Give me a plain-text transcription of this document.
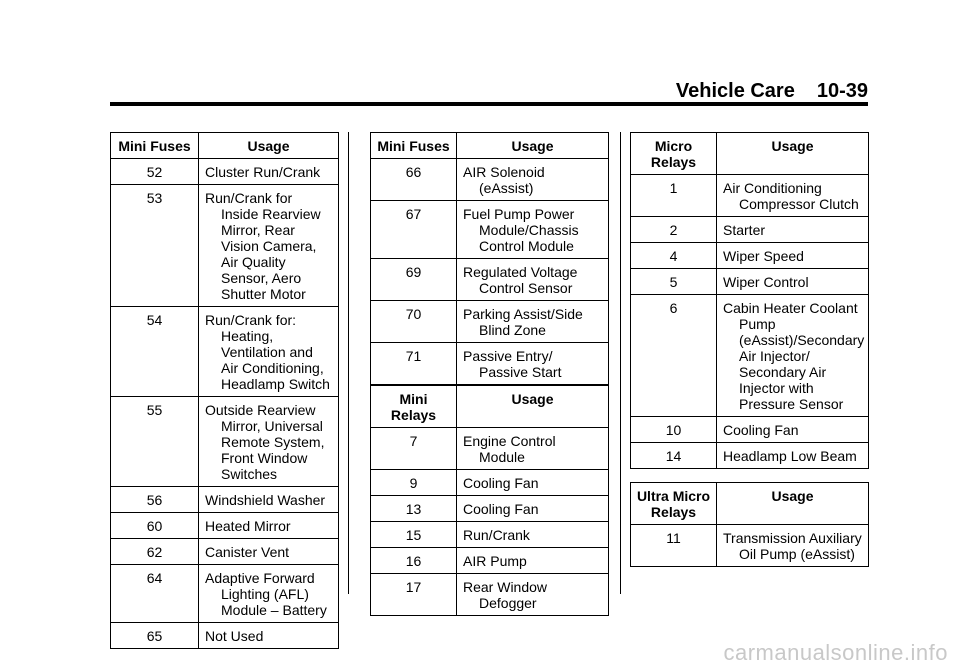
Vehicle Care 10-39
Mini Fuses	Usage
52	Cluster Run/Crank

53	Run/Crank for Inside Rearview Mirror, Rear Vision Camera, Air Quality Sensor, Aero Shutter Motor

54	Run/Crank for: Heating, Ventilation and Air Conditioning, Headlamp Switch

55	Outside Rearview Mirror, Universal Remote System, Front Window Switches

56	Windshield Washer

60	Heated Mirror

62	Canister Vent

64	Adaptive Forward Lighting (AFL) Module – Battery

65	Not Used
Mini Fuses	Usage
66	AIR Solenoid (eAssist)

67	Fuel Pump Power Module/Chassis Control Module

69	Regulated Voltage Control Sensor

70	Parking Assist/Side Blind Zone

71	Passive Entry/ Passive Start
Mini Relays	Usage
7	Engine Control Module

9	Cooling Fan

13	Cooling Fan

15	Run/Crank

16	AIR Pump

17	Rear Window Defogger
Micro Relays	Usage
1	Air Conditioning Compressor Clutch

2	Starter

4	Wiper Speed

5	Wiper Control

6	Cabin Heater Coolant Pump (eAssist)/Secondary Air Injector/ Secondary Air Injector with Pressure Sensor

10	Cooling Fan

14	Headlamp Low Beam
Ultra Micro Relays	Usage
11	Transmission Auxiliary Oil Pump (eAssist)
carmanualsonline.info
